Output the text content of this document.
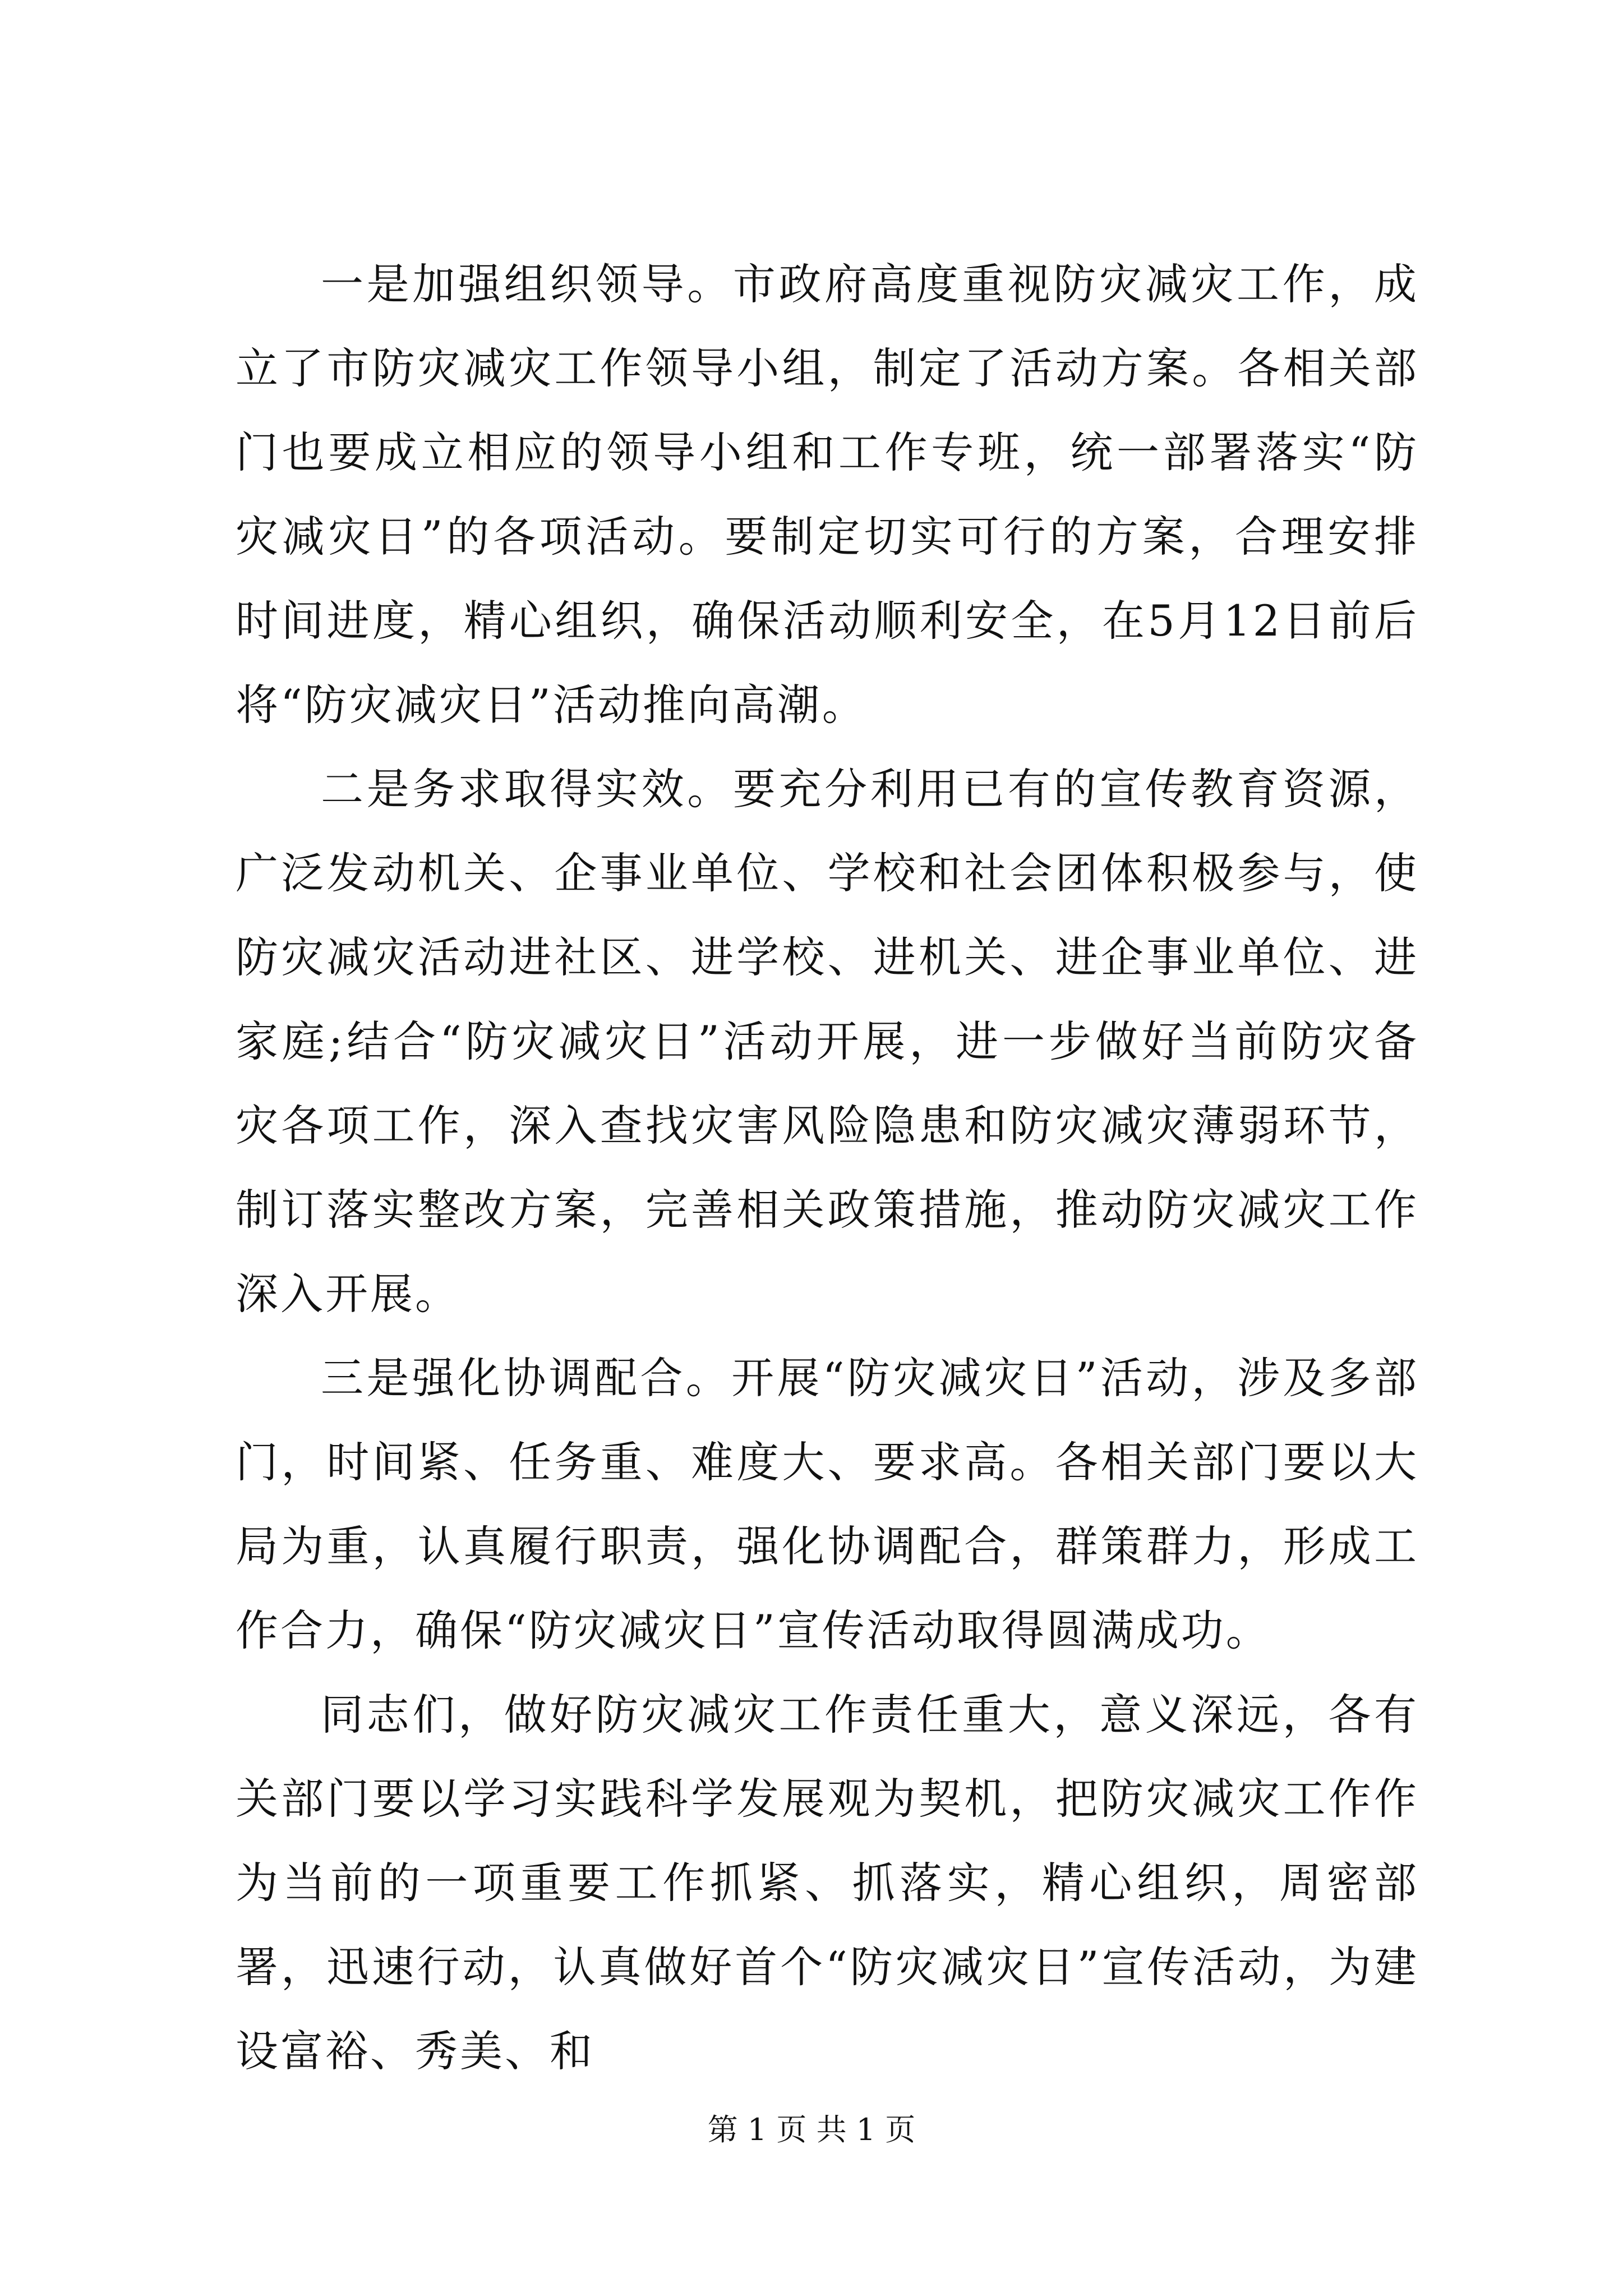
一是加强组织领导。市政府高度重视防灾减灾工作，成立了市防灾减灾工作领导小组，制定了活动方案。各相关部门也要成立相应的领导小组和工作专班，统一部署落实“防灾减灾日”的各项活动。要制定切实可行的方案，合理安排时间进度，精心组织，确保活动顺利安全，在5月12日前后将“防灾减灾日”活动推向高潮。

二是务求取得实效。要充分利用已有的宣传教育资源，广泛发动机关、企事业单位、学校和社会团体积极参与，使防灾减灾活动进社区、进学校、进机关、进企事业单位、进家庭;结合“防灾减灾日”活动开展，进一步做好当前防灾备灾各项工作，深入查找灾害风险隐患和防灾减灾薄弱环节，制订落实整改方案，完善相关政策措施，推动防灾减灾工作深入开展。

三是强化协调配合。开展“防灾减灾日”活动，涉及多部门，时间紧、任务重、难度大、要求高。各相关部门要以大局为重，认真履行职责，强化协调配合，群策群力，形成工作合力，确保“防灾减灾日”宣传活动取得圆满成功。

同志们，做好防灾减灾工作责任重大，意义深远，各有关部门要以学习实践科学发展观为契机，把防灾减灾工作作为当前的一项重要工作抓紧、抓落实，精心组织，周密部署，迅速行动，认真做好首个“防灾减灾日”宣传活动，为建设富裕、秀美、和

第 1 页 共 1 页
